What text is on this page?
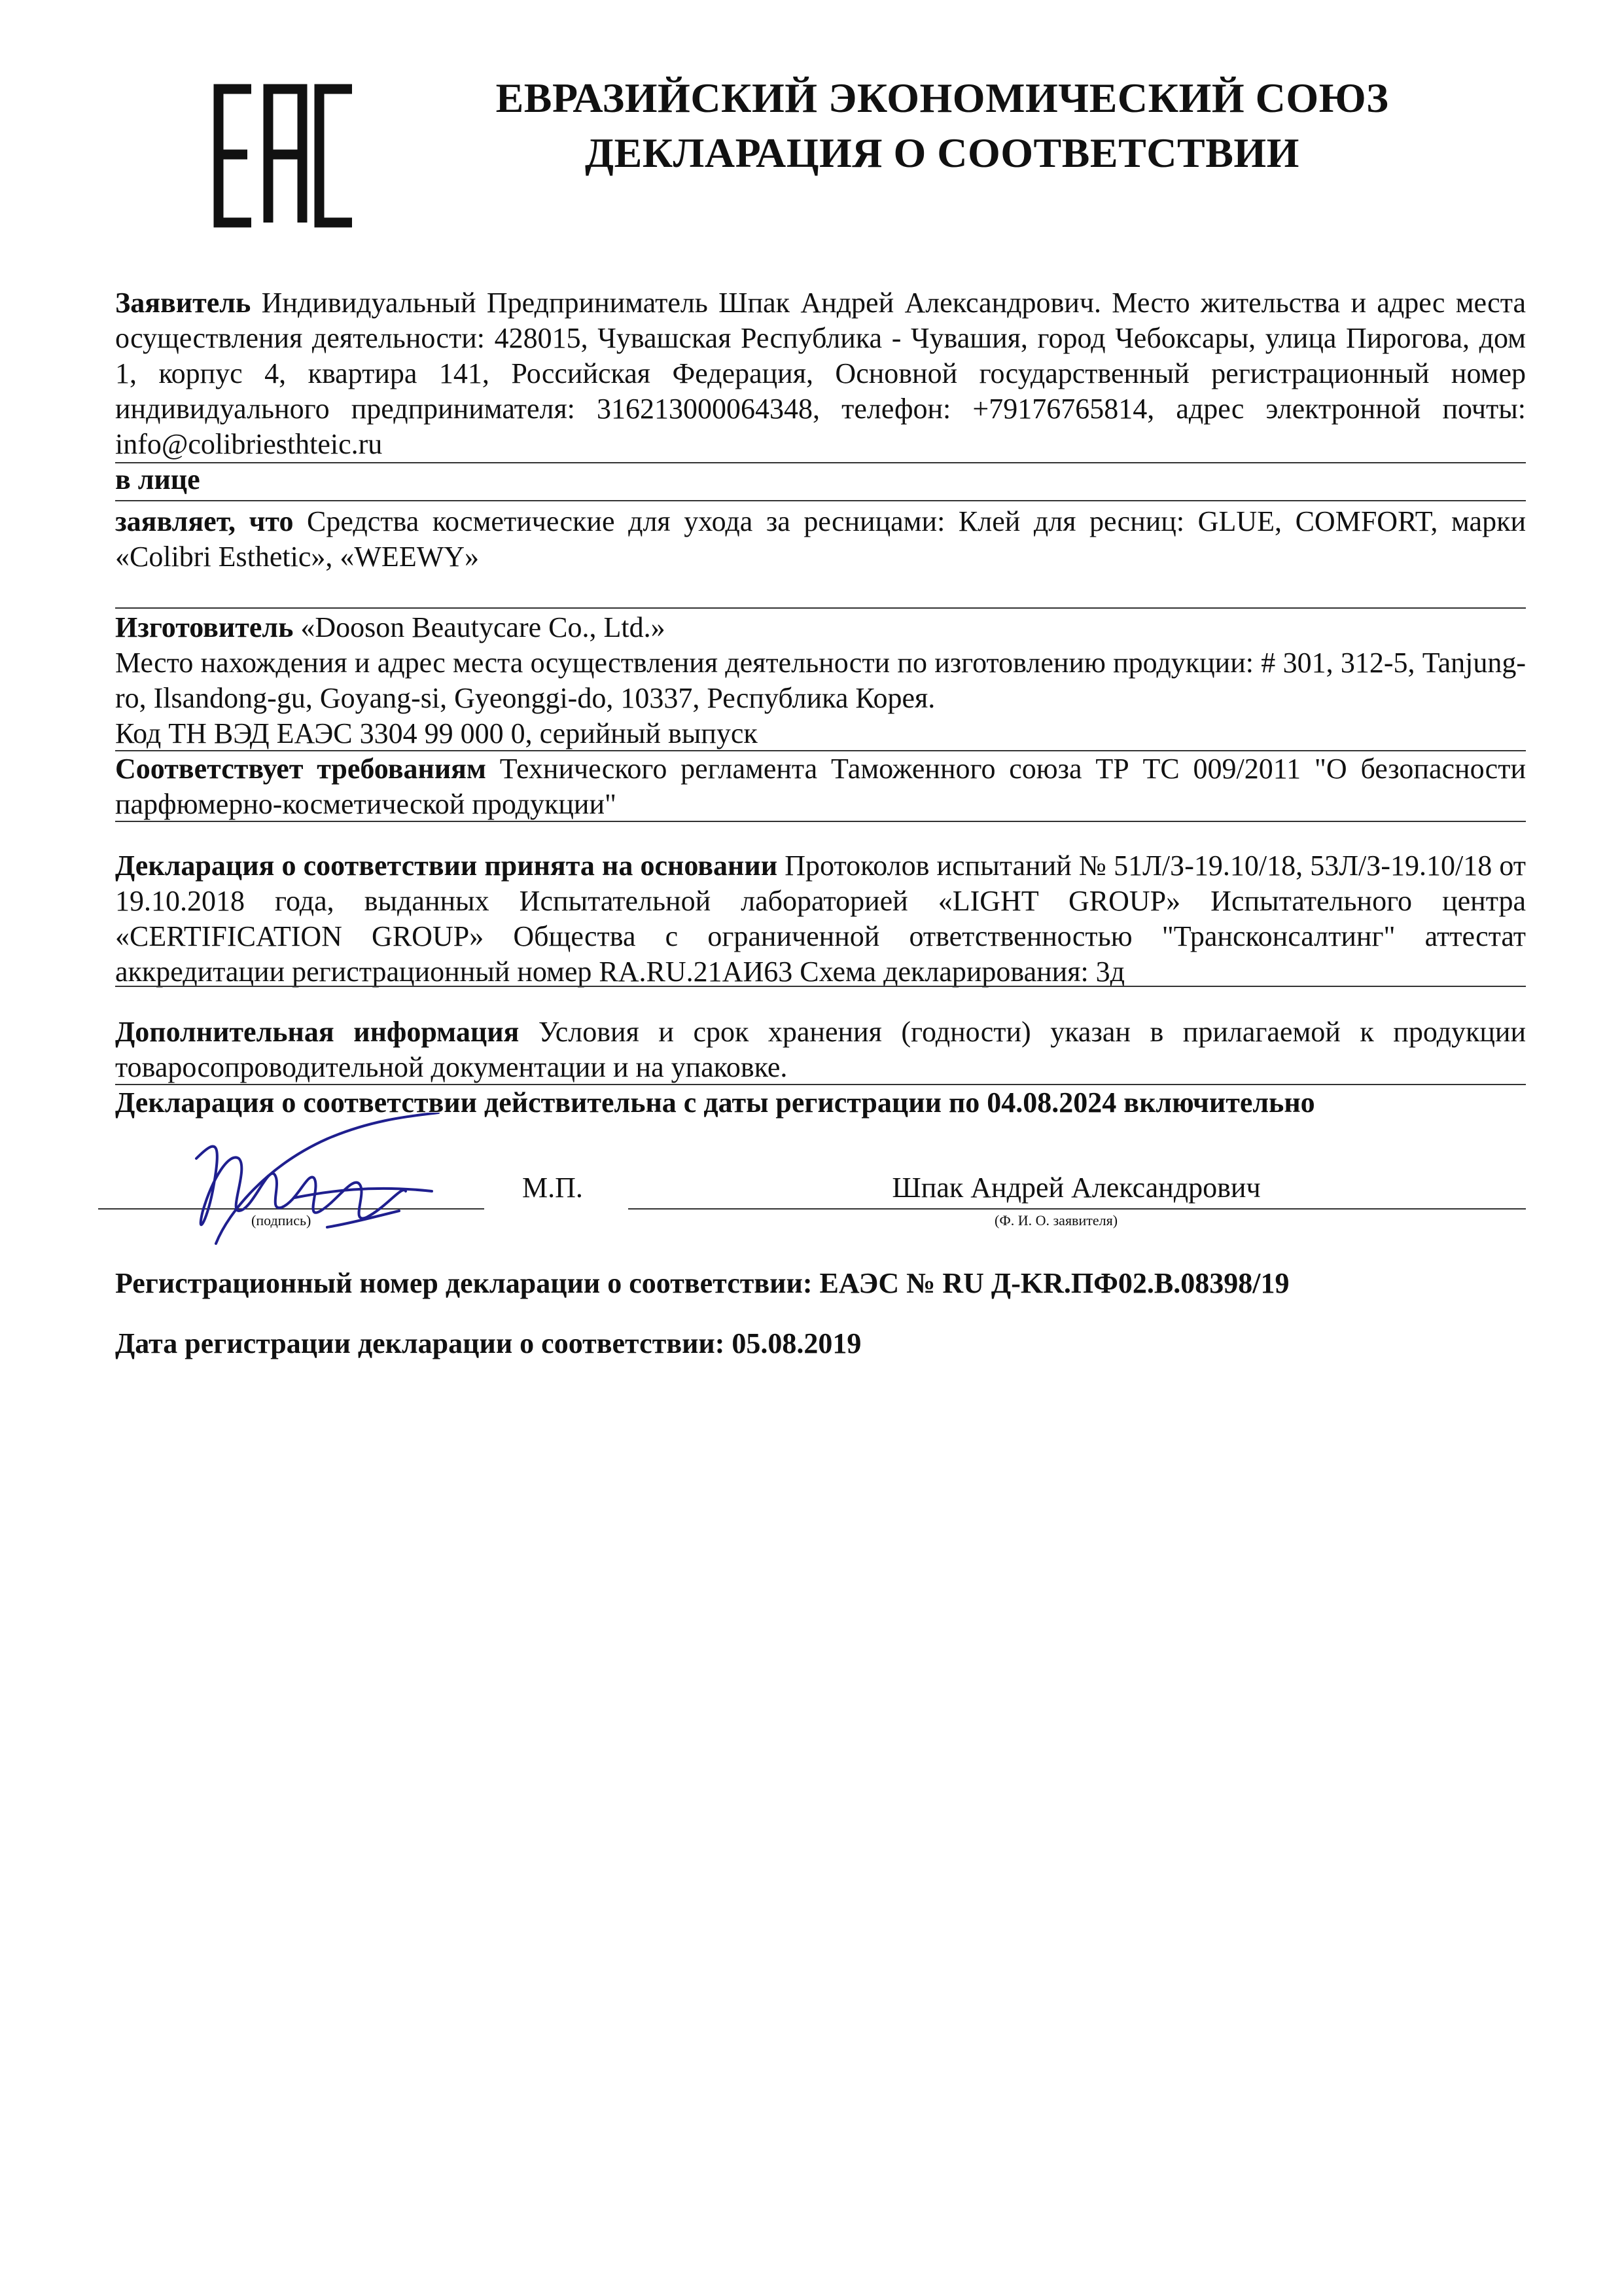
ЕВРАЗИЙСКИЙ ЭКОНОМИЧЕСКИЙ СОЮЗ
ДЕКЛАРАЦИЯ О СООТВЕТСТВИИ
Заявитель Индивидуальный Предприниматель Шпак Андрей Александрович. Место жительства и адрес места осуществления деятельности: 428015, Чувашская Республика - Чувашия, город Чебоксары, улица Пирогова, дом 1, корпус 4, квартира 141, Российская Федерация, Основной государственный регистрационный номер индивидуального предпринимателя: 316213000064348, телефон: +79176765814, адрес электронной почты: info@colibriesthteic.ru
в лице
заявляет, что Средства косметические для ухода за ресницами: Клей для ресниц: GLUE, COMFORT, марки «Colibri Esthetic», «WEEWY»
Изготовитель «Dooson Beautycare Co., Ltd.»
Место нахождения и адрес места осуществления деятельности по изготовлению продукции: # 301, 312-5, Tanjung-ro, Ilsandong-gu, Goyang-si, Gyeonggi-do, 10337, Республика Корея.
Код ТН ВЭД ЕАЭС 3304 99 000 0, серийный выпуск
Соответствует требованиям Технического регламента Таможенного союза ТР ТС 009/2011 "О безопасности парфюмерно-косметической продукции"
Декларация о соответствии принята на основании Протоколов испытаний № 51Л/З-19.10/18, 53Л/З-19.10/18 от 19.10.2018 года, выданных Испытательной лабораторией «LIGHT GROUP» Испытательного центра «CERTIFICATION GROUP» Общества с ограниченной ответственностью "Трансконсалтинг" аттестат аккредитации регистрационный номер RA.RU.21АИ63 Схема декларирования: 3д
Дополнительная информация Условия и срок хранения (годности) указан в прилагаемой к продукции товаросопроводительной документации и на упаковке.
Декларация о соответствии действительна с даты регистрации по 04.08.2024 включительно
(подпись)
М.П.	Шпак Андрей Александрович
(Ф. И. О. заявителя)
Регистрационный номер декларации о соответствии: ЕАЭС № RU Д-KR.ПФ02.В.08398/19
Дата регистрации декларации о соответствии: 05.08.2019
